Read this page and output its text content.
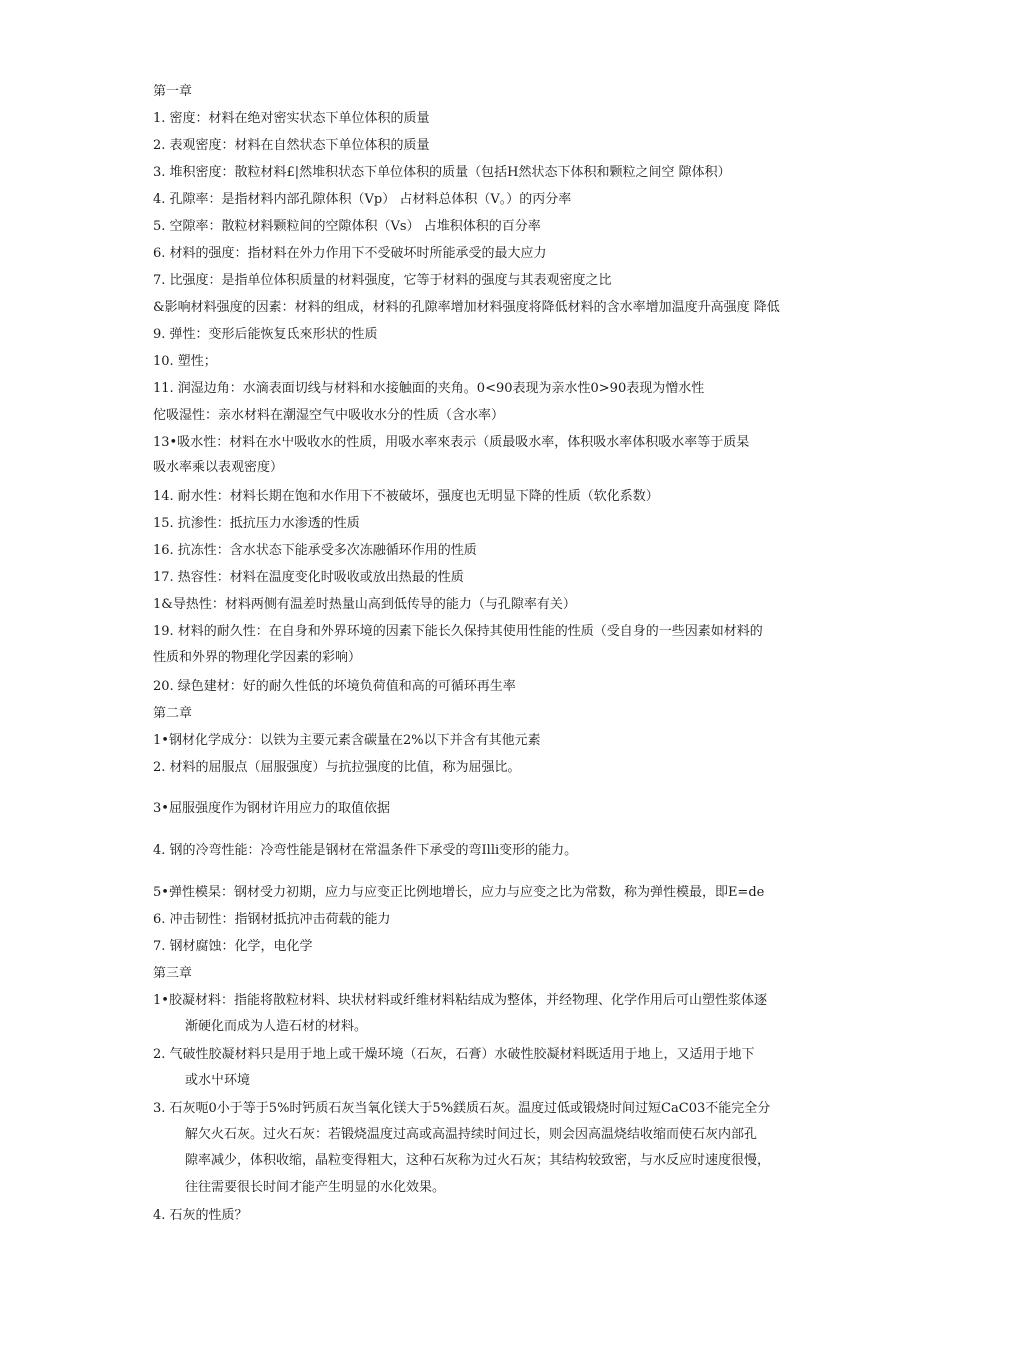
第一章
1. 密度：材料在绝对密实状态下单位体积的质量
2. 表观密度：材料在自然状态下单位体积的质量
3. 堆积密度：散粒材料£|然堆积状态下单位体积的质量（包括H然状态下体积和颗粒之间空 隙体积）
4. 孔隙率：是指材料内部孔隙体积（Vp） 占材料总体积（V。）的丙分率
5. 空隙率：散粒材料颗粒间的空隙体积（Vs） 占堆积体积的百分率
6. 材料的强度：指材料在外力作用下不受破坏时所能承受的最大应力
7. 比强度：是指单位体积质量的材料强度，它等于材料的强度与其表观密度之比
&影响材料强度的因素：材料的组成，材料的孔隙率增加材料强度将降低材料的含水率增加温度升高强度 降低
9. 弹性：变形后能恢复氐來形状的性质
10. 塑性；
11. 润湿边角：水滴表面切线与材料和水接触面的夹角。0<90表现为亲水性0>90表现为憎水性
佗吸湿性：亲水材料在潮湿空气中吸收水分的性质（含水率）
13•吸水性：材料在水屮吸收水的性质，用吸水率來表示（质最吸水率，体积吸水率体积吸水率等于质杲
吸水率乘以表观密度）
14. 耐水性：材料长期在饱和水作用下不被破坏，强度也无明显下降的性质（软化系数）
15. 抗渗性：抵抗压力水渗透的性质
16. 抗冻性：含水状态下能承受多次冻融循环作用的性质
17. 热容性：材料在温度变化时吸收或放出热最的性质
1&导热性：材料两侧有温差时热量山高到低传导的能力（与孔隙率有关）
19. 材料的耐久性：在自身和外界环境的因素下能长久保持其使用性能的性质（受自身的一些因素如材料的
性质和外界的物理化学因素的彩响）
20. 绿色建材：好的耐久性低的坏境负荷值和高的可循环再生率
第二章
1•钢材化学成分：以铁为主要元素含碳量在2%以下并含有其他元素
2. 材料的屈服点（屈服强度）与抗拉强度的比值，称为屈强比。
3•屈服强度作为钢材许用应力的取值依据
4. 钢的冷弯性能：冷弯性能是钢材在常温条件下承受的弯Illi变形的能力。
5•弹性模杲：钢材受力初期，应力与应变正比例地增长，应力与应变之比为常数，称为弹性模最，即E=de
6. 冲击韧性：指钢材抵抗冲击荷载的能力
7. 钢材腐蚀：化学，电化学
第三章
1•胶凝材料：指能将散粒材料、块状材料或纤维材料粘结成为整体，并经物理、化学作用后可山塑性浆体逐
渐硬化而成为人造石材的材料。
2. 气破性胶凝材料只是用于地上或干燥环境（石灰，石膏）水破性胶凝材料既适用于地上，又适用于地下
或水屮环境
3. 石灰呃0小于等于5%时钙质石灰当氧化镁大于5%鎂质石灰。温度过低或锻烧时间过短CaC03不能完全分
解欠火石灰。过火石灰：若锻烧温度过高或高温持续时间过长，则会因高温烧结收缩而使石灰内部孔
隙率减少，体积收缩，晶粒变得粗大，这种石灰称为过火石灰；其结构较致密，与水反应时速度很慢，
往往需要很长时间才能产生明显的水化效果。
4. 石灰的性质？
